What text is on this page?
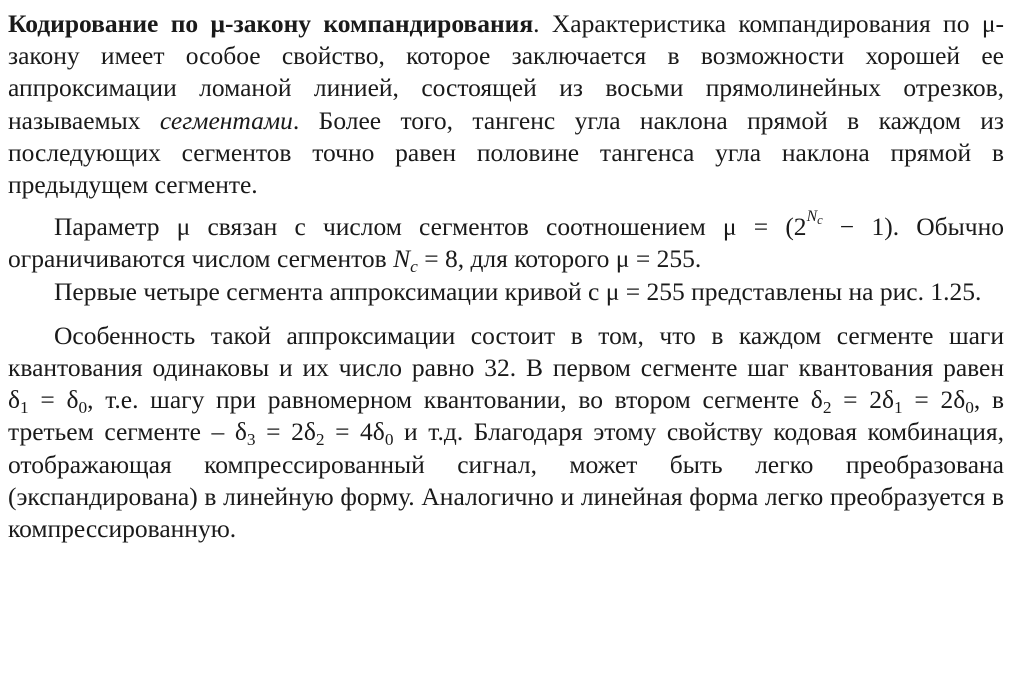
Кодирование по μ-закону компандирования. Характеристика компандирования по μ-закону имеет особое свойство, которое заключается в возможности хорошей ее аппроксимации ломаной линией, состоящей из восьми прямолинейных отрезков, называемых сегментами. Более того, тангенс угла наклона прямой в каждом из последующих сегментов точно равен половине тангенса угла наклона прямой в предыдущем сегменте.

Параметр μ связан с числом сегментов соотношением $\mu = (2^{N_c} - 1)$. Обычно ограничиваются числом сегментов $N_c = 8$, для которого μ = 255.

Первые четыре сегмента аппроксимации кривой с μ = 255 представлены на рис. 1.25.

Особенность такой аппроксимации состоит в том, что в каждом сегменте шаги квантования одинаковы и их число равно 32. В первом сегменте шаг квантования равен $\delta_1 = \delta_0$, т.е. шагу при равномерном квантовании, во втором сегменте $\delta_2 = 2\delta_1 = 2\delta_0$, в третьем сегменте – $\delta_3 = 2\delta_2 = 4\delta_0$ и т.д. Благодаря этому свойству кодовая комбинация, отображающая компрессированный сигнал, может быть легко преобразована (экспандирована) в линейную форму. Аналогично и линейная форма легко преобразуется в компрессированную.
